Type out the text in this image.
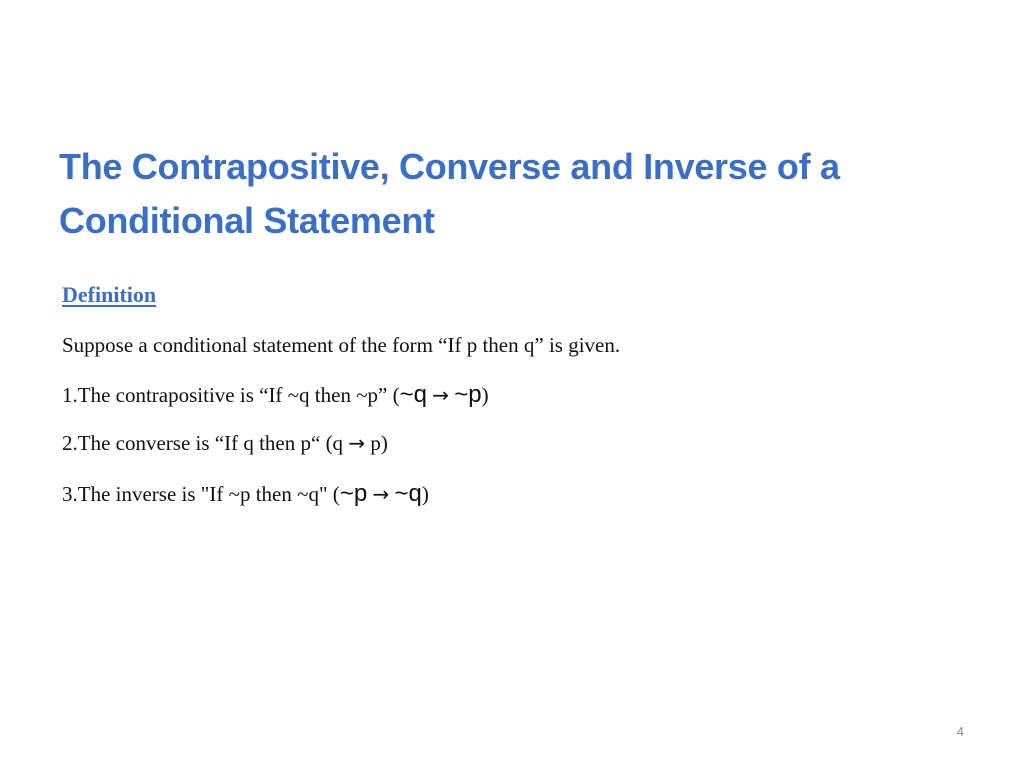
The Contrapositive, Converse and Inverse of a Conditional Statement
Definition
Suppose a conditional statement of the form “If p then q” is given.
1.The contrapositive is “If ~q then ~p” (~q → ~p)
2.The converse is “If q then p“ (q → p)
3.The inverse is "If ~p then ~q" (~p → ~q)
4
